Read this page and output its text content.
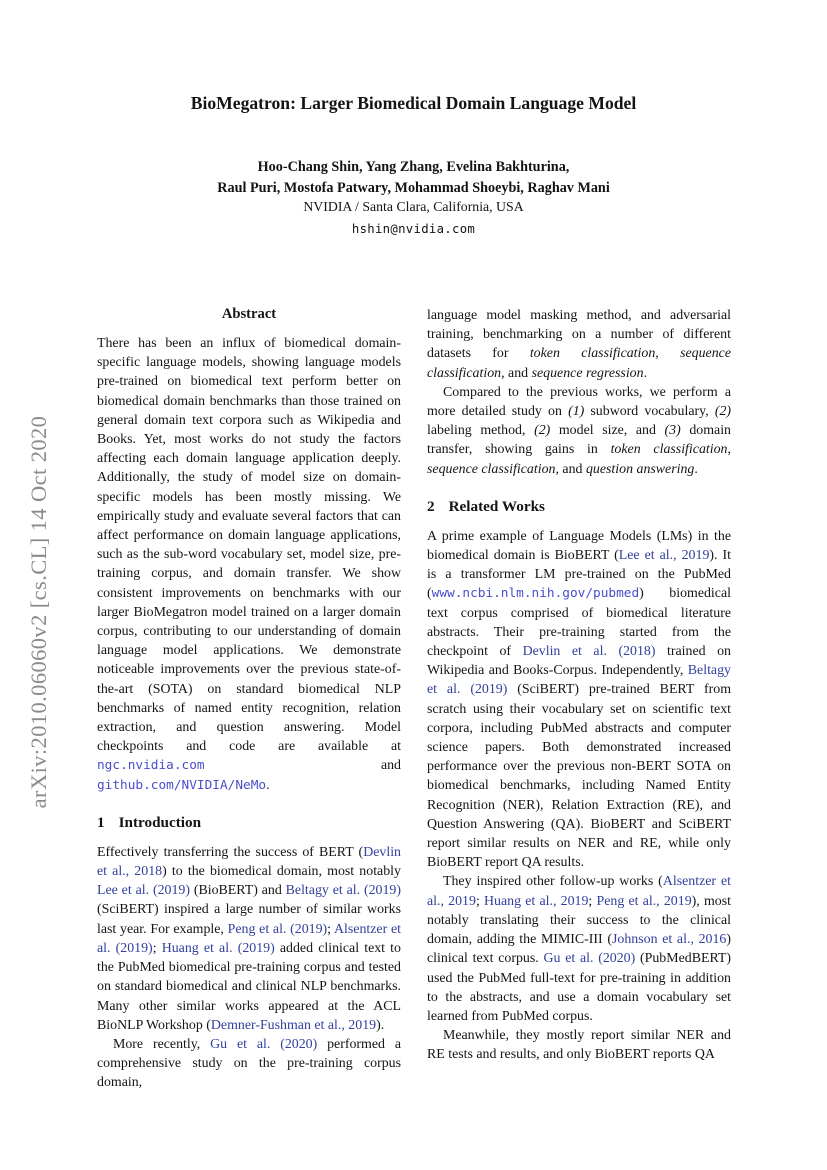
arXiv:2010.06060v2 [cs.CL] 14 Oct 2020
BioMegatron: Larger Biomedical Domain Language Model
Hoo-Chang Shin, Yang Zhang, Evelina Bakhturina,
Raul Puri, Mostofa Patwary, Mohammad Shoeybi, Raghav Mani
NVIDIA / Santa Clara, California, USA
hshin@nvidia.com
Abstract

There has been an influx of biomedical domain-specific language models, showing language models pre-trained on biomedical text perform better on biomedical domain benchmarks than those trained on general domain text corpora such as Wikipedia and Books. Yet, most works do not study the factors affecting each domain language application deeply. Additionally, the study of model size on domain-specific models has been mostly missing. We empirically study and evaluate several factors that can affect performance on domain language applications, such as the sub-word vocabulary set, model size, pre-training corpus, and domain transfer. We show consistent improvements on benchmarks with our larger BioMegatron model trained on a larger domain corpus, contributing to our understanding of domain language model applications. We demonstrate noticeable improvements over the previous state-of-the-art (SOTA) on standard biomedical NLP benchmarks of named entity recognition, relation extraction, and question answering. Model checkpoints and code are available at ngc.nvidia.com and github.com/NVIDIA/NeMo.

1 Introduction

Effectively transferring the success of BERT (Devlin et al., 2018) to the biomedical domain, most notably Lee et al. (2019) (BioBERT) and Beltagy et al. (2019) (SciBERT) inspired a large number of similar works last year. For example, Peng et al. (2019); Alsentzer et al. (2019); Huang et al. (2019) added clinical text to the PubMed biomedical pre-training corpus and tested on standard biomedical and clinical NLP benchmarks. Many other similar works appeared at the ACL BioNLP Workshop (Demner-Fushman et al., 2019).

More recently, Gu et al. (2020) performed a comprehensive study on the pre-training corpus domain,

language model masking method, and adversarial training, benchmarking on a number of different datasets for token classification, sequence classification, and sequence regression.

Compared to the previous works, we perform a more detailed study on (1) subword vocabulary, (2) labeling method, (2) model size, and (3) domain transfer, showing gains in token classification, sequence classification, and question answering.

2 Related Works

A prime example of Language Models (LMs) in the biomedical domain is BioBERT (Lee et al., 2019). It is a transformer LM pre-trained on the PubMed (www.ncbi.nlm.nih.gov/pubmed) biomedical text corpus comprised of biomedical literature abstracts. Their pre-training started from the checkpoint of Devlin et al. (2018) trained on Wikipedia and Books-Corpus. Independently, Beltagy et al. (2019) (SciBERT) pre-trained BERT from scratch using their vocabulary set on scientific text corpora, including PubMed abstracts and computer science papers. Both demonstrated increased performance over the previous non-BERT SOTA on biomedical benchmarks, including Named Entity Recognition (NER), Relation Extraction (RE), and Question Answering (QA). BioBERT and SciBERT report similar results on NER and RE, while only BioBERT report QA results.

They inspired other follow-up works (Alsentzer et al., 2019; Huang et al., 2019; Peng et al., 2019), most notably translating their success to the clinical domain, adding the MIMIC-III (Johnson et al., 2016) clinical text corpus. Gu et al. (2020) (PubMedBERT) used the PubMed full-text for pre-training in addition to the abstracts, and use a domain vocabulary set learned from PubMed corpus.

Meanwhile, they mostly report similar NER and RE tests and results, and only BioBERT reports QA
